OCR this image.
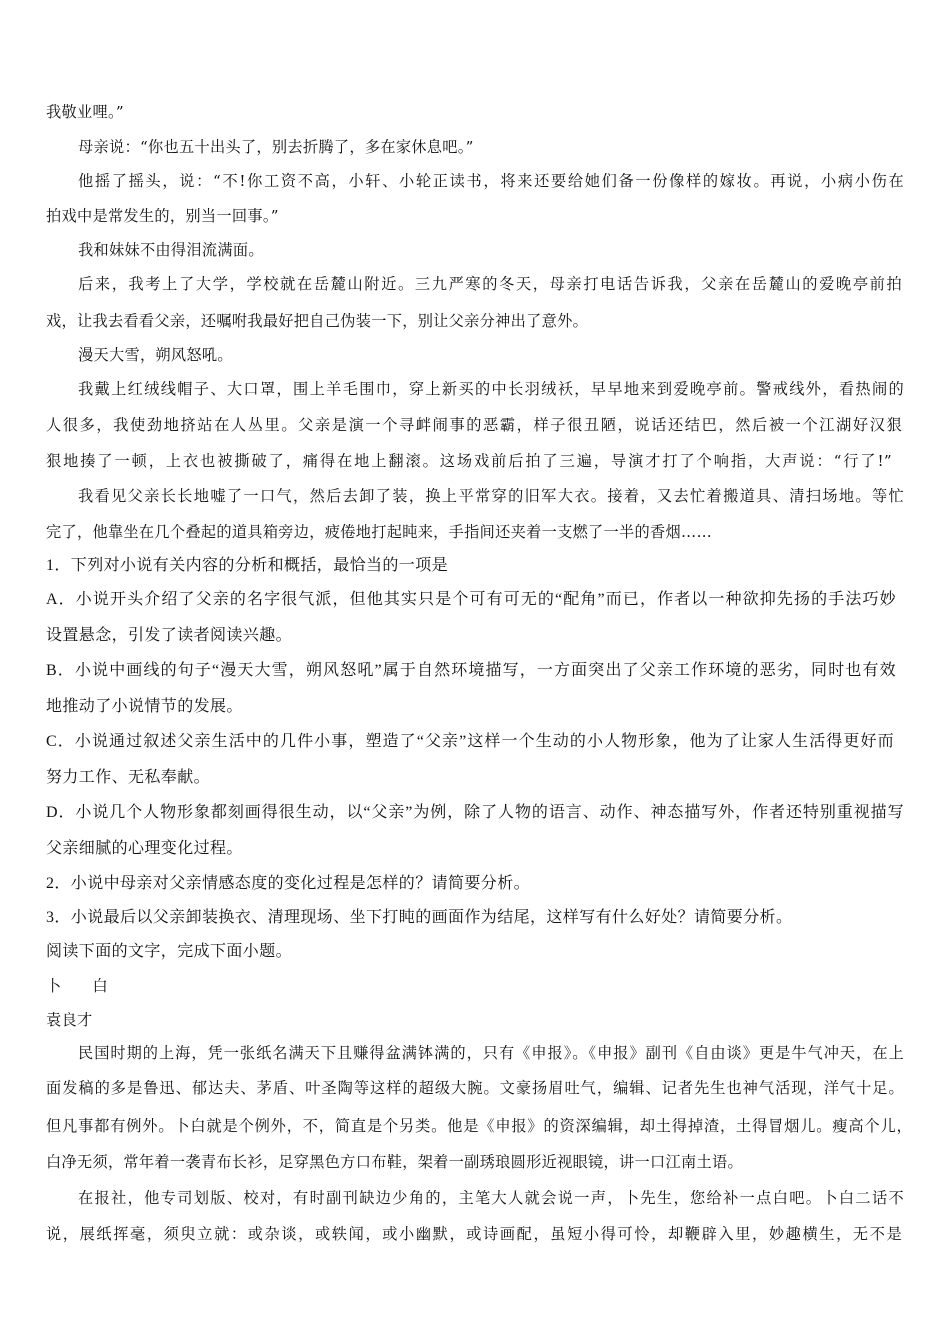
我敬业哩。”
母亲说：“你也五十出头了，别去折腾了，多在家休息吧。”
他摇了摇头，说：“不!你工资不高，小轩、小轮正读书，将来还要给她们备一份像样的嫁妆。再说，小病小伤在
拍戏中是常发生的，别当一回事。”
我和妹妹不由得泪流满面。
后来，我考上了大学，学校就在岳麓山附近。三九严寒的冬天，母亲打电话告诉我，父亲在岳麓山的爱晚亭前拍
戏，让我去看看父亲，还嘱咐我最好把自己伪装一下，别让父亲分神出了意外。
漫天大雪，朔风怒吼。
我戴上红绒线帽子、大口罩，围上羊毛围巾，穿上新买的中长羽绒袄，早早地来到爱晚亭前。警戒线外，看热闹的
人很多，我使劲地挤站在人丛里。父亲是演一个寻衅闹事的恶霸，样子很丑陋，说话还结巴，然后被一个江湖好汉狠
狠地揍了一顿，上衣也被撕破了，痛得在地上翻滚。这场戏前后拍了三遍，导演才打了个响指，大声说：“行了!”
我看见父亲长长地嘘了一口气，然后去卸了装，换上平常穿的旧军大衣。接着，又去忙着搬道具、清扫场地。等忙
完了，他靠坐在几个叠起的道具箱旁边，疲倦地打起盹来，手指间还夹着一支燃了一半的香烟……
1．下列对小说有关内容的分析和概括，最恰当的一项是
A．小说开头介绍了父亲的名字很气派，但他其实只是个可有可无的“配角”而已，作者以一种欲抑先扬的手法巧妙
设置悬念，引发了读者阅读兴趣。
B．小说中画线的句子“漫天大雪，朔风怒吼”属于自然环境描写，一方面突出了父亲工作环境的恶劣，同时也有效
地推动了小说情节的发展。
C．小说通过叙述父亲生活中的几件小事，塑造了“父亲”这样一个生动的小人物形象，他为了让家人生活得更好而
努力工作、无私奉献。
D．小说几个人物形象都刻画得很生动，以“父亲”为例，除了人物的语言、动作、神态描写外，作者还特别重视描写
父亲细腻的心理变化过程。
2．小说中母亲对父亲情感态度的变化过程是怎样的？请简要分析。
3．小说最后以父亲卸装换衣、清理现场、坐下打盹的画面作为结尾，这样写有什么好处？请简要分析。
阅读下面的文字，完成下面小题。
卜　　白
袁良才
民国时期的上海，凭一张纸名满天下且赚得盆满钵满的，只有《申报》。《申报》副刊《自由谈》更是牛气冲天，在上
面发稿的多是鲁迅、郁达夫、茅盾、叶圣陶等这样的超级大腕。文豪扬眉吐气，编辑、记者先生也神气活现，洋气十足。
但凡事都有例外。卜白就是个例外，不，简直是个另类。他是《申报》的资深编辑，却土得掉渣，土得冒烟儿。瘦高个儿，
白净无须，常年着一袭青布长衫，足穿黑色方口布鞋，架着一副琇琅圆形近视眼镜，讲一口江南土语。
在报社，他专司划版、校对，有时副刊缺边少角的，主笔大人就会说一声，卜先生，您给补一点白吧。卜白二话不
说，展纸挥毫，须臾立就：或杂谈，或轶闻，或小幽默，或诗画配，虽短小得可怜，却鞭辟入里，妙趣横生，无不是
